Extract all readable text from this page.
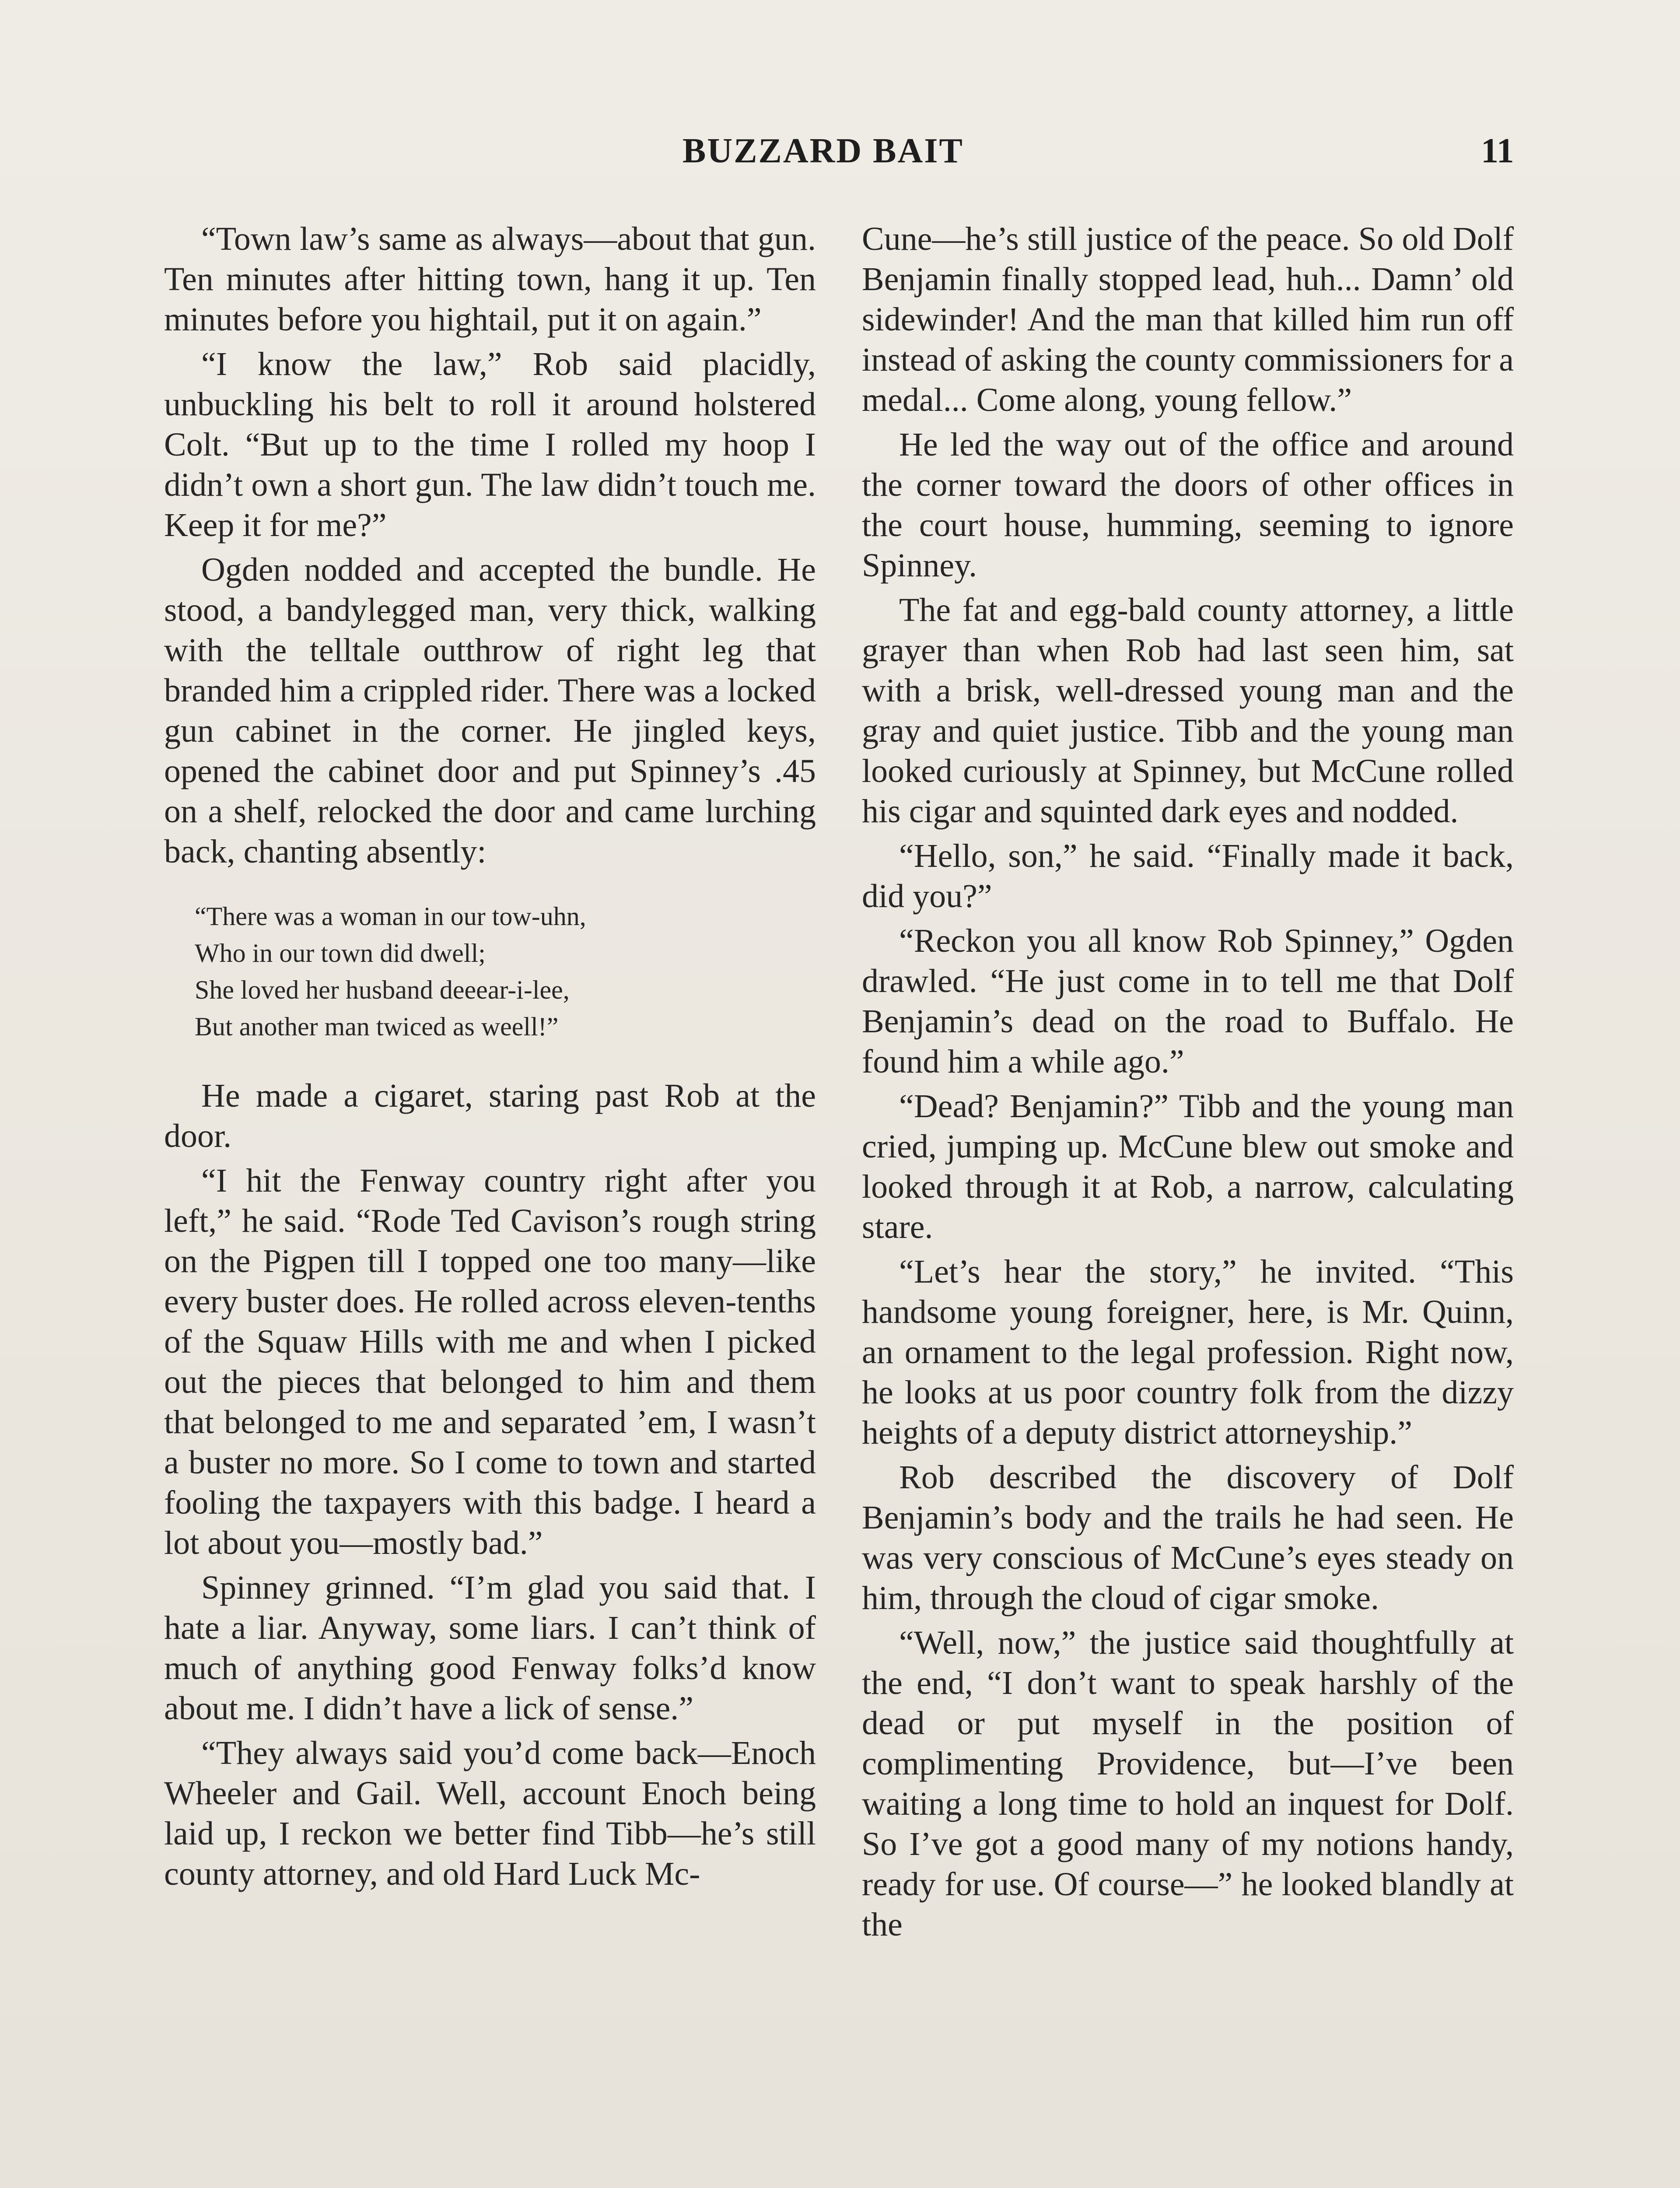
BUZZARD BAIT	11

“Town law’s same as always—about that gun. Ten minutes after hitting town, hang it up. Ten minutes before you hightail, put it on again.”

“I know the law,” Rob said placidly, unbuckling his belt to roll it around holstered Colt. “But up to the time I rolled my hoop I didn’t own a short gun. The law didn’t touch me. Keep it for me?”

Ogden nodded and accepted the bundle. He stood, a bandylegged man, very thick, walking with the telltale outthrow of right leg that branded him a crippled rider. There was a locked gun cabinet in the corner. He jingled keys, opened the cabinet door and put Spinney’s .45 on a shelf, relocked the door and came lurching back, chanting absently:

“There was a woman in our tow-uhn,
Who in our town did dwell;
She loved her husband deeear-i-lee,
But another man twiced as weell!”

He made a cigaret, staring past Rob at the door.

“I hit the Fenway country right after you left,” he said. “Rode Ted Cavison’s rough string on the Pigpen till I topped one too many—like every buster does. He rolled across eleven-tenths of the Squaw Hills with me and when I picked out the pieces that belonged to him and them that belonged to me and separated ’em, I wasn’t a buster no more. So I come to town and started fooling the taxpayers with this badge. I heard a lot about you—mostly bad.”

Spinney grinned. “I’m glad you said that. I hate a liar. Anyway, some liars. I can’t think of much of anything good Fenway folks’d know about me. I didn’t have a lick of sense.”

“They always said you’d come back—Enoch Wheeler and Gail. Well, account Enoch being laid up, I reckon we better find Tibb—he’s still county attorney, and old Hard Luck Mc-

Cune—he’s still justice of the peace. So old Dolf Benjamin finally stopped lead, huh... Damn’ old sidewinder! And the man that killed him run off instead of asking the county commissioners for a medal... Come along, young fellow.”

He led the way out of the office and around the corner toward the doors of other offices in the court house, humming, seeming to ignore Spinney.

The fat and egg-bald county attorney, a little grayer than when Rob had last seen him, sat with a brisk, well-dressed young man and the gray and quiet justice. Tibb and the young man looked curiously at Spinney, but McCune rolled his cigar and squinted dark eyes and nodded.

“Hello, son,” he said. “Finally made it back, did you?”

“Reckon you all know Rob Spinney,” Ogden drawled. “He just come in to tell me that Dolf Benjamin’s dead on the road to Buffalo. He found him a while ago.”

“Dead? Benjamin?” Tibb and the young man cried, jumping up. McCune blew out smoke and looked through it at Rob, a narrow, calculating stare.

“Let’s hear the story,” he invited. “This handsome young foreigner, here, is Mr. Quinn, an ornament to the legal profession. Right now, he looks at us poor country folk from the dizzy heights of a deputy district attorneyship.”

Rob described the discovery of Dolf Benjamin’s body and the trails he had seen. He was very conscious of McCune’s eyes steady on him, through the cloud of cigar smoke.

“Well, now,” the justice said thoughtfully at the end, “I don’t want to speak harshly of the dead or put myself in the position of complimenting Providence, but—I’ve been waiting a long time to hold an inquest for Dolf. So I’ve got a good many of my notions handy, ready for use. Of course—” he looked blandly at the
